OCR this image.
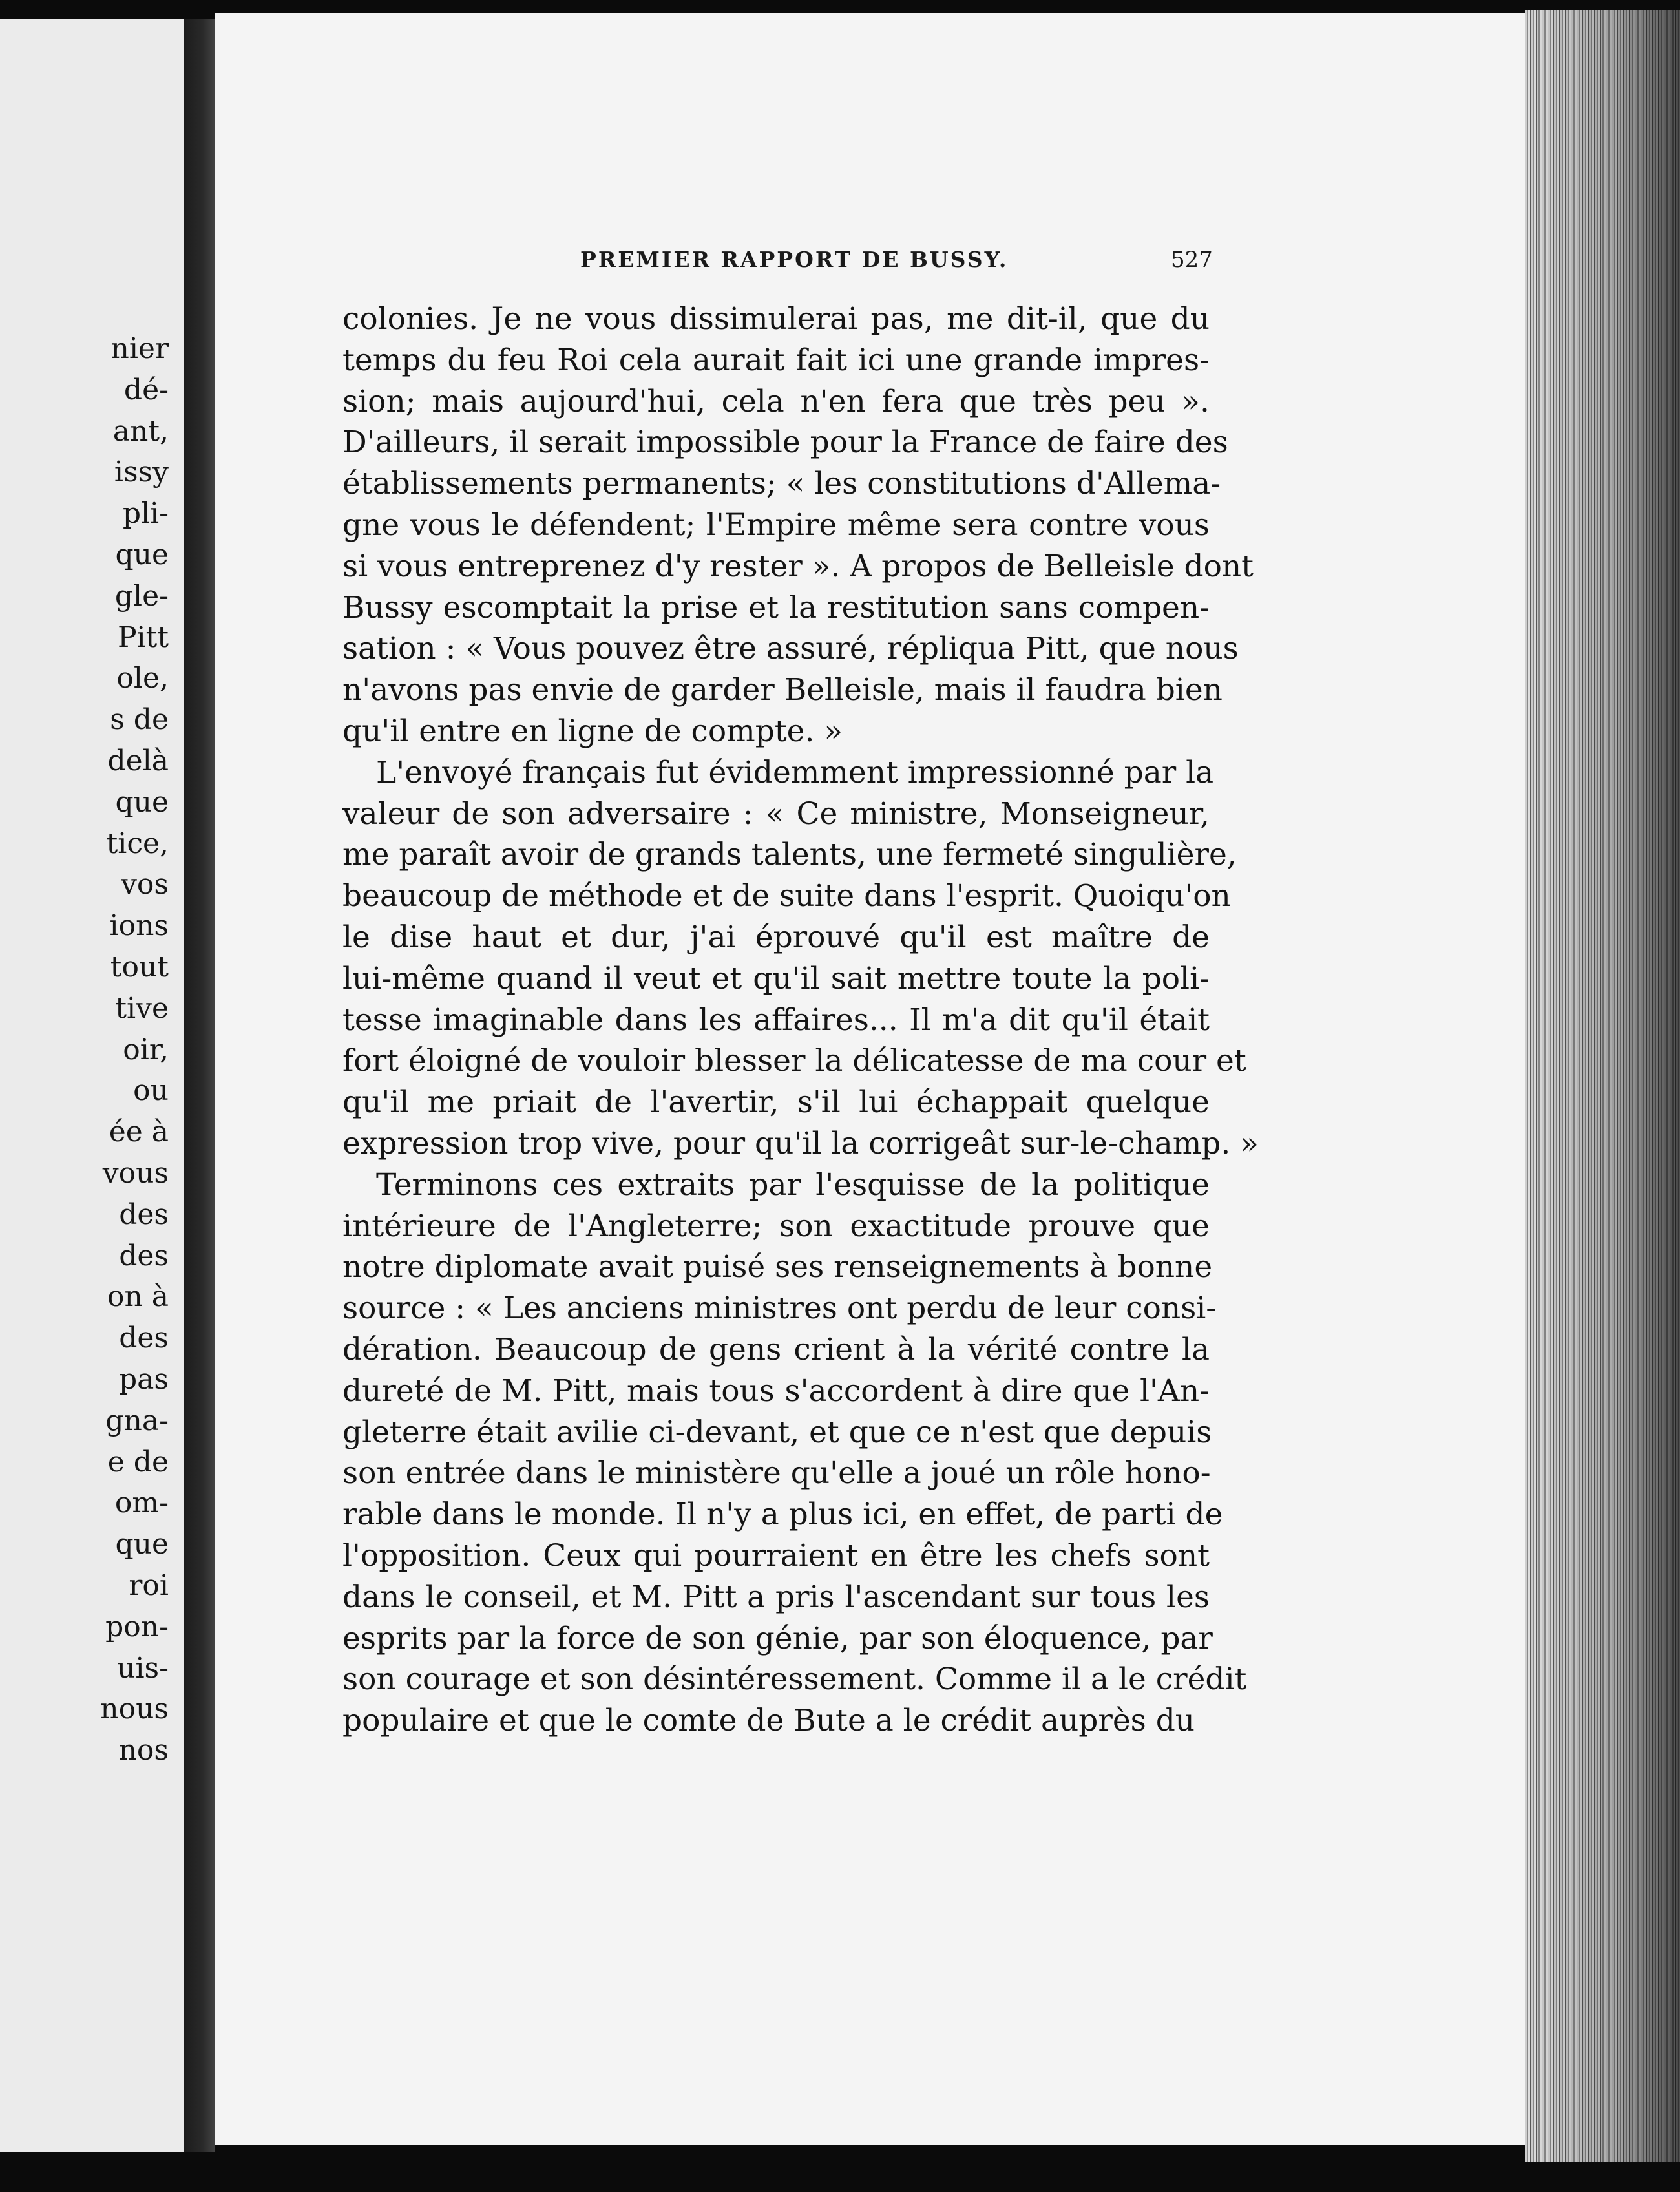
nier
dé-
ant,
issy
pli-
que
gle-
Pitt
ole,
s de
delà
que
tice,
vos
ions
tout
tive
oir,
ou
ée à
vous
des
des
on à
des
pas
gna-
e de
om-
que
roi
pon-
uis-
nous
nos
PREMIER RAPPORT DE BUSSY.	527
colonies. Je ne vous dissimulerai pas, me dit-il, que du
temps du feu Roi cela aurait fait ici une grande impres-
sion; mais aujourd'hui, cela n'en fera que très peu ».
D'ailleurs, il serait impossible pour la France de faire des
établissements permanents; « les constitutions d'Allema-
gne vous le défendent; l'Empire même sera contre vous
si vous entreprenez d'y rester ». A propos de Belleisle dont
Bussy escomptait la prise et la restitution sans compen-
sation : « Vous pouvez être assuré, répliqua Pitt, que nous
n'avons pas envie de garder Belleisle, mais il faudra bien
qu'il entre en ligne de compte. »
L'envoyé français fut évidemment impressionné par la
valeur de son adversaire : « Ce ministre, Monseigneur,
me paraît avoir de grands talents, une fermeté singulière,
beaucoup de méthode et de suite dans l'esprit. Quoiqu'on
le dise haut et dur, j'ai éprouvé qu'il est maître de
lui-même quand il veut et qu'il sait mettre toute la poli-
tesse imaginable dans les affaires... Il m'a dit qu'il était
fort éloigné de vouloir blesser la délicatesse de ma cour et
qu'il me priait de l'avertir, s'il lui échappait quelque
expression trop vive, pour qu'il la corrigeât sur-le-champ. »
Terminons ces extraits par l'esquisse de la politique
intérieure de l'Angleterre; son exactitude prouve que
notre diplomate avait puisé ses renseignements à bonne
source : « Les anciens ministres ont perdu de leur consi-
dération. Beaucoup de gens crient à la vérité contre la
dureté de M. Pitt, mais tous s'accordent à dire que l'An-
gleterre était avilie ci-devant, et que ce n'est que depuis
son entrée dans le ministère qu'elle a joué un rôle hono-
rable dans le monde. Il n'y a plus ici, en effet, de parti de
l'opposition. Ceux qui pourraient en être les chefs sont
dans le conseil, et M. Pitt a pris l'ascendant sur tous les
esprits par la force de son génie, par son éloquence, par
son courage et son désintéressement. Comme il a le crédit
populaire et que le comte de Bute a le crédit auprès du
